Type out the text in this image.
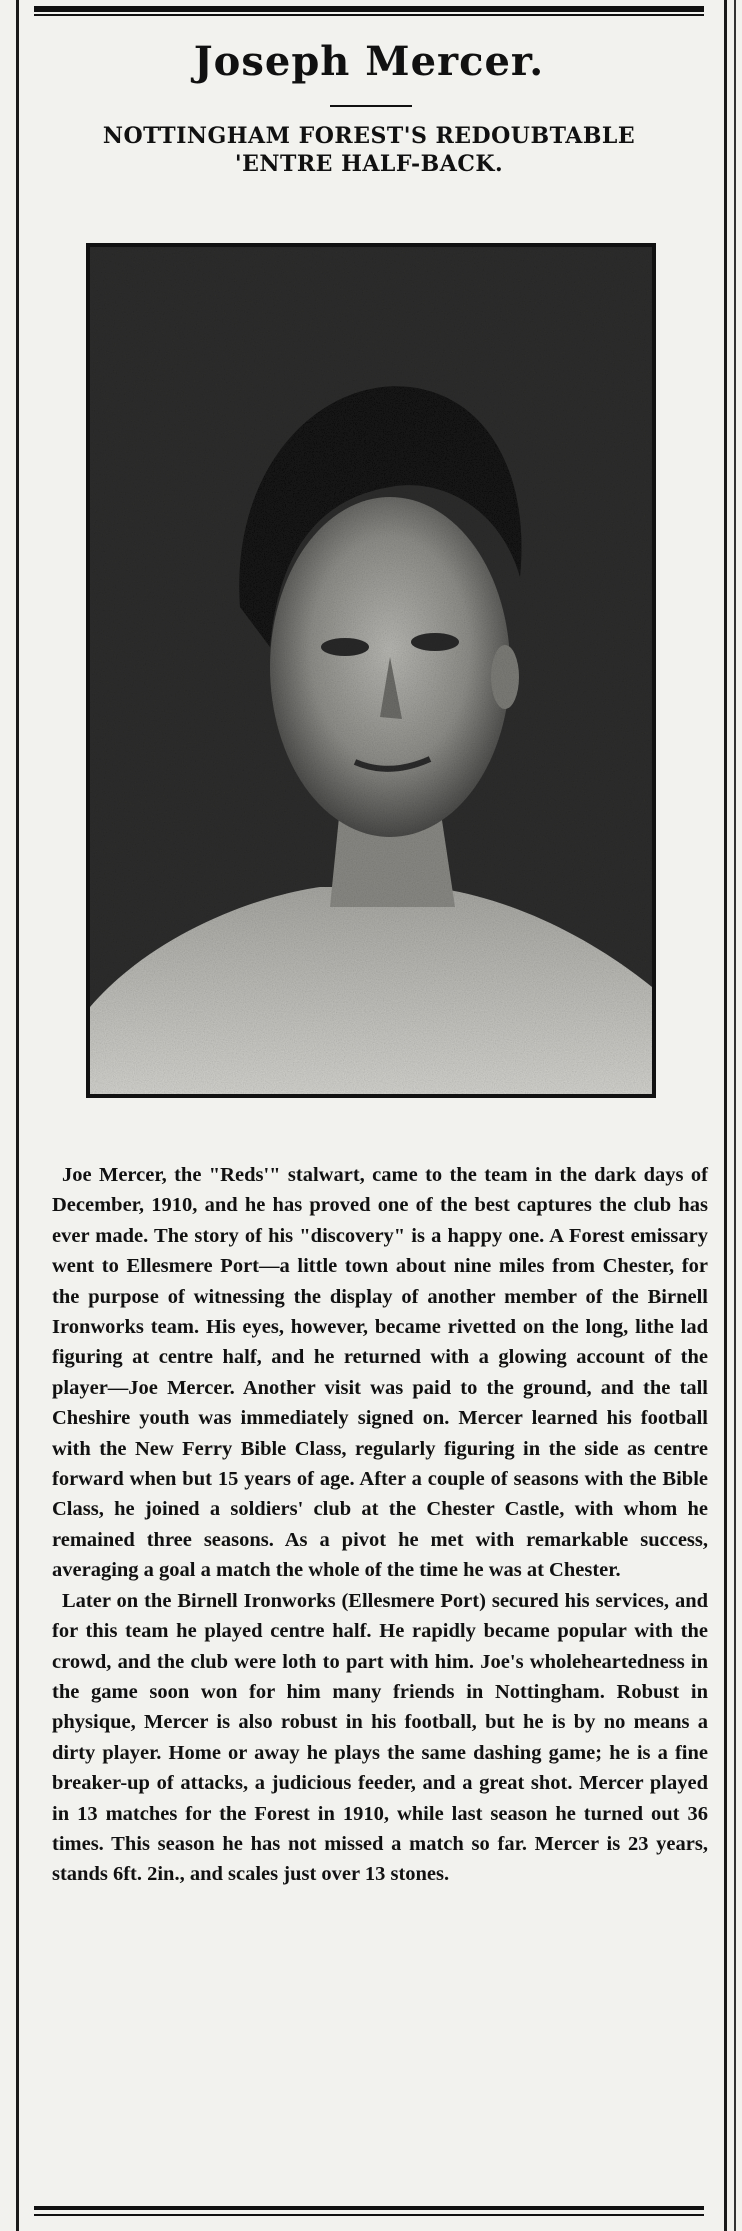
Joseph Mercer.
NOTTINGHAM FOREST'S REDOUBTABLE
'ENTRE HALF-BACK.

Joe Mercer, the "Reds'" stalwart, came to the team in the dark days of December, 1910, and he has proved one of the best captures the club has ever made. The story of his "discovery" is a happy one. A Forest emissary went to Ellesmere Port—a little town about nine miles from Chester, for the purpose of witnessing the display of another member of the Birnell Ironworks team. His eyes, however, became rivetted on the long, lithe lad figuring at centre half, and he returned with a glowing account of the player—Joe Mercer. Another visit was paid to the ground, and the tall Cheshire youth was immediately signed on. Mercer learned his football with the New Ferry Bible Class, regularly figuring in the side as centre forward when but 15 years of age. After a couple of seasons with the Bible Class, he joined a soldiers' club at the Chester Castle, with whom he remained three seasons. As a pivot he met with remarkable success, averaging a goal a match the whole of the time he was at Chester.

Later on the Birnell Ironworks (Ellesmere Port) secured his services, and for this team he played centre half. He rapidly became popular with the crowd, and the club were loth to part with him. Joe's wholeheartedness in the game soon won for him many friends in Nottingham. Robust in physique, Mercer is also robust in his football, but he is by no means a dirty player. Home or away he plays the same dashing game; he is a fine breaker-up of attacks, a judicious feeder, and a great shot. Mercer played in 13 matches for the Forest in 1910, while last season he turned out 36 times. This season he has not missed a match so far. Mercer is 23 years, stands 6ft. 2in., and scales just over 13 stones.
